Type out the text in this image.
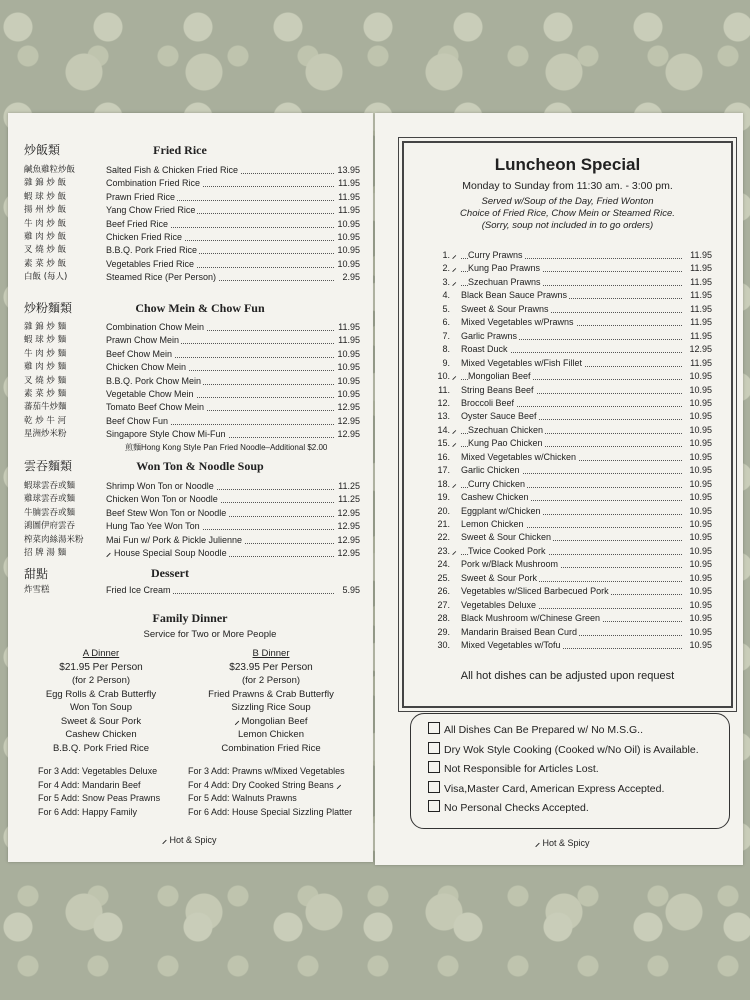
炒飯類	Fried Rice
鹹魚雞粒炒飯	Salted Fish & Chicken Fried Rice	13.95
雜 錦 炒 飯	Combination Fried Rice	11.95
蝦 球 炒 飯	Prawn Fried Rice	11.95
揚 州 炒 飯	Yang Chow Fried Rice	11.95
牛 肉 炒 飯	Beef Fried Rice	10.95
雞 肉 炒 飯	Chicken Fried Rice	10.95
叉 燒 炒 飯	B.B.Q. Pork Fried Rice	10.95
素 菜 炒 飯	Vegetables Fried Rice	10.95
白飯 (每人)	Steamed Rice (Per Person)	2.95
炒粉麵類	Chow Mein & Chow Fun
雜 錦 炒 麵	Combination Chow Mein	11.95
蝦 球 炒 麵	Prawn Chow Mein	11.95
牛 肉 炒 麵	Beef Chow Mein	10.95
雞 肉 炒 麵	Chicken Chow Mein	10.95
叉 燒 炒 麵	B.B.Q. Pork Chow Mein	10.95
素 菜 炒 麵	Vegetable Chow Mein	10.95
蕃茄牛炒麵	Tomato Beef Chow Mein	12.95
乾 炒 牛 河	Beef Chow Fun	12.95
星洲炒米粉	Singapore Style Chow Mi-Fun	12.95
煎麵Hong Kong Style Pan Fried Noodle–Additional $2.00
雲吞麵類	Won Ton & Noodle Soup
蝦球雲吞或麵	Shrimp Won Ton or Noodle	11.25
雞球雲吞或麵	Chicken Won Ton or Noodle	11.25
牛腩雲吞或麵	Beef Stew Won Ton or Noodle	12.95
鴻圖伊府雲吞	Hung Tao Yee Won Ton	12.95
榨菜肉絲湯米粉	Mai Fun w/ Pork & Pickle Julienne	12.95
招 牌 湯 麵	⸝ House Special Soup Noodle	12.95
甜點	Dessert
炸雪糕	Fried Ice Cream	5.95
Family Dinner
Service for Two or More People
A Dinner
$21.95 Per Person
(for 2 Person)
Egg Rolls & Crab Butterfly
Won Ton Soup
Sweet & Sour Pork
Cashew Chicken
B.B.Q. Pork Fried Rice
B Dinner
$23.95 Per Person
(for 2 Person)
Fried Prawns & Crab Butterfly
Sizzling Rice Soup
⸝ Mongolian Beef
Lemon Chicken
Combination Fried Rice
For 3 Add: Vegetables Deluxe
For 4 Add: Mandarin Beef
For 5 Add: Snow Peas Prawns
For 6 Add: Happy Family
For 3 Add: Prawns w/Mixed Vegetables
For 4 Add: Dry Cooked String Beans ⸝
For 5 Add: Walnuts Prawns
For 6 Add: House Special Sizzling Platter
⸝ Hot & Spicy
Luncheon Special
Monday to Sunday from 11:30 am. - 3:00 pm.
Served w/Soup of the Day, Fried Wonton
Choice of Fried Rice, Chow Mein or Steamed Rice.
(Sorry, soup not included in to go orders)
1. ⸝	Curry Prawns	11.95
2. ⸝	Kung Pao Prawns	11.95
3. ⸝	Szechuan Prawns	11.95
4. Black Bean Sauce Prawns	11.95
5. Sweet & Sour Prawns	11.95
6. Mixed Vegetables w/Prawns	11.95
7. Garlic Prawns	11.95
8. Roast Duck	12.95
9. Mixed Vegetables w/Fish Fillet	11.95
10. ⸝	Mongolian Beef	10.95
11. String Beans Beef	10.95
12. Broccoli Beef	10.95
13. Oyster Sauce Beef	10.95
14. ⸝	Szechuan Chicken	10.95
15. ⸝	Kung Pao Chicken	10.95
16. Mixed Vegetables w/Chicken	10.95
17. Garlic Chicken	10.95
18. ⸝	Curry Chicken	10.95
19. Cashew Chicken	10.95
20. Eggplant w/Chicken	10.95
21. Lemon Chicken	10.95
22. Sweet & Sour Chicken	10.95
23. ⸝	Twice Cooked Pork	10.95
24. Pork w/Black Mushroom	10.95
25. Sweet & Sour Pork	10.95
26. Vegetables w/Sliced Barbecued Pork	10.95
27. Vegetables Deluxe	10.95
28. Black Mushroom w/Chinese Green	10.95
29. Mandarin Braised Bean Curd	10.95
30. Mixed Vegetables w/Tofu	10.95
All hot dishes can be adjusted upon request
All Dishes Can Be Prepared w/ No M.S.G..
Dry Wok Style Cooking (Cooked w/No Oil) is Available.
Not Responsible for Articles Lost.
Visa,Master Card, American Express Accepted.
No Personal Checks Accepted.
⸝ Hot & Spicy
